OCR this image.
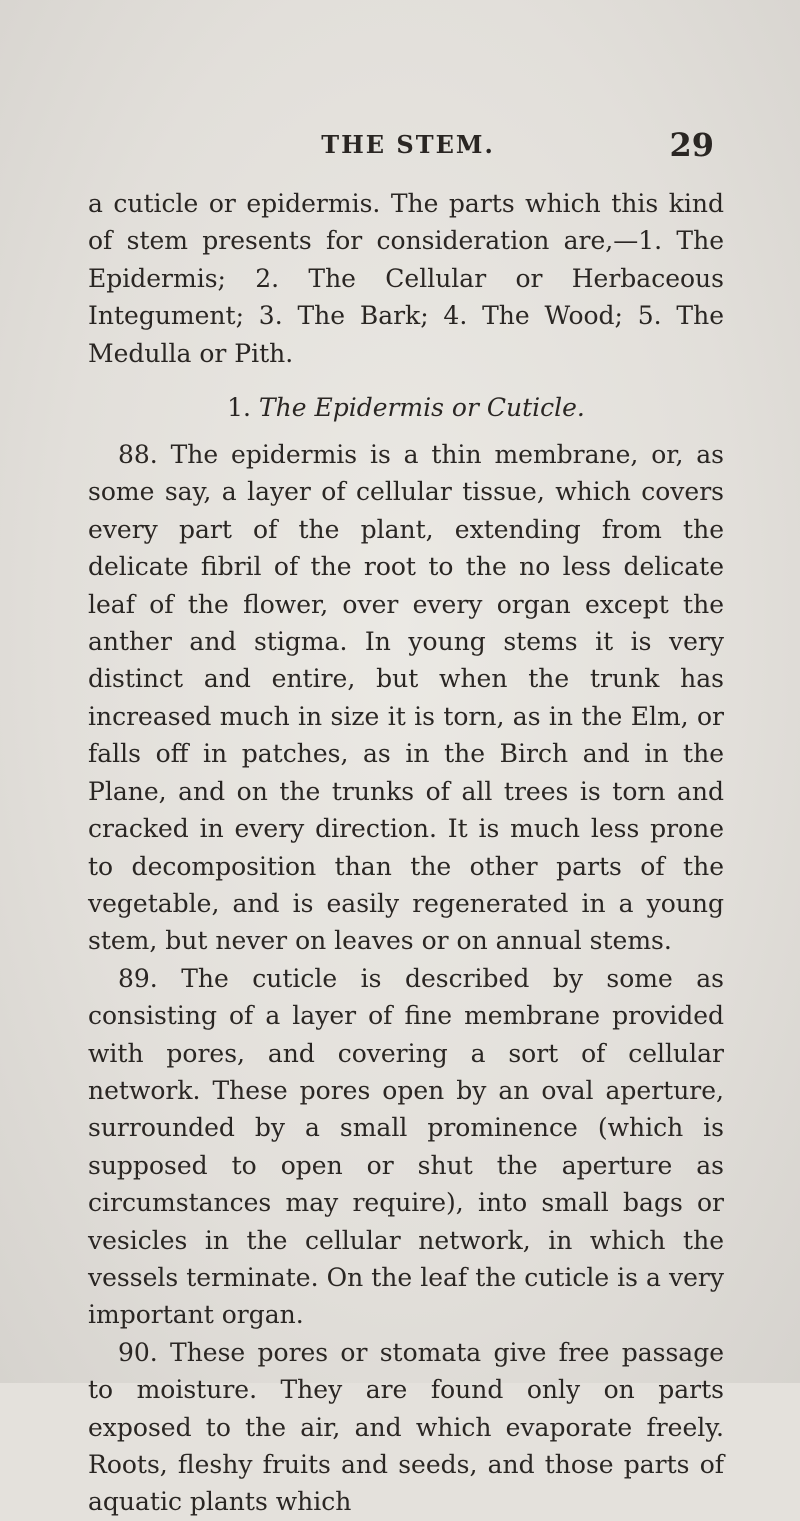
THE STEM.	29

a cuticle or epidermis. The parts which this kind of stem presents for consideration are,—1. The Epidermis; 2. The Cellular or Herbaceous Integument; 3. The Bark; 4. The Wood; 5. The Medulla or Pith.

1. The Epidermis or Cuticle.

88. The epidermis is a thin membrane, or, as some say, a layer of cellular tissue, which covers every part of the plant, extending from the delicate fibril of the root to the no less delicate leaf of the flower, over every organ except the anther and stigma. In young stems it is very distinct and entire, but when the trunk has increased much in size it is torn, as in the Elm, or falls off in patches, as in the Birch and in the Plane, and on the trunks of all trees is torn and cracked in every direction. It is much less prone to decomposition than the other parts of the vegetable, and is easily regenerated in a young stem, but never on leaves or on annual stems.

89. The cuticle is described by some as consisting of a layer of fine membrane provided with pores, and covering a sort of cellular network. These pores open by an oval aperture, surrounded by a small prominence (which is supposed to open or shut the aperture as circumstances may require), into small bags or vesicles in the cellular network, in which the vessels terminate. On the leaf the cuticle is a very important organ.

90. These pores or stomata give free passage to moisture. They are found only on parts exposed to the air, and which evaporate freely. Roots, fleshy fruits and seeds, and those parts of aquatic plants which
